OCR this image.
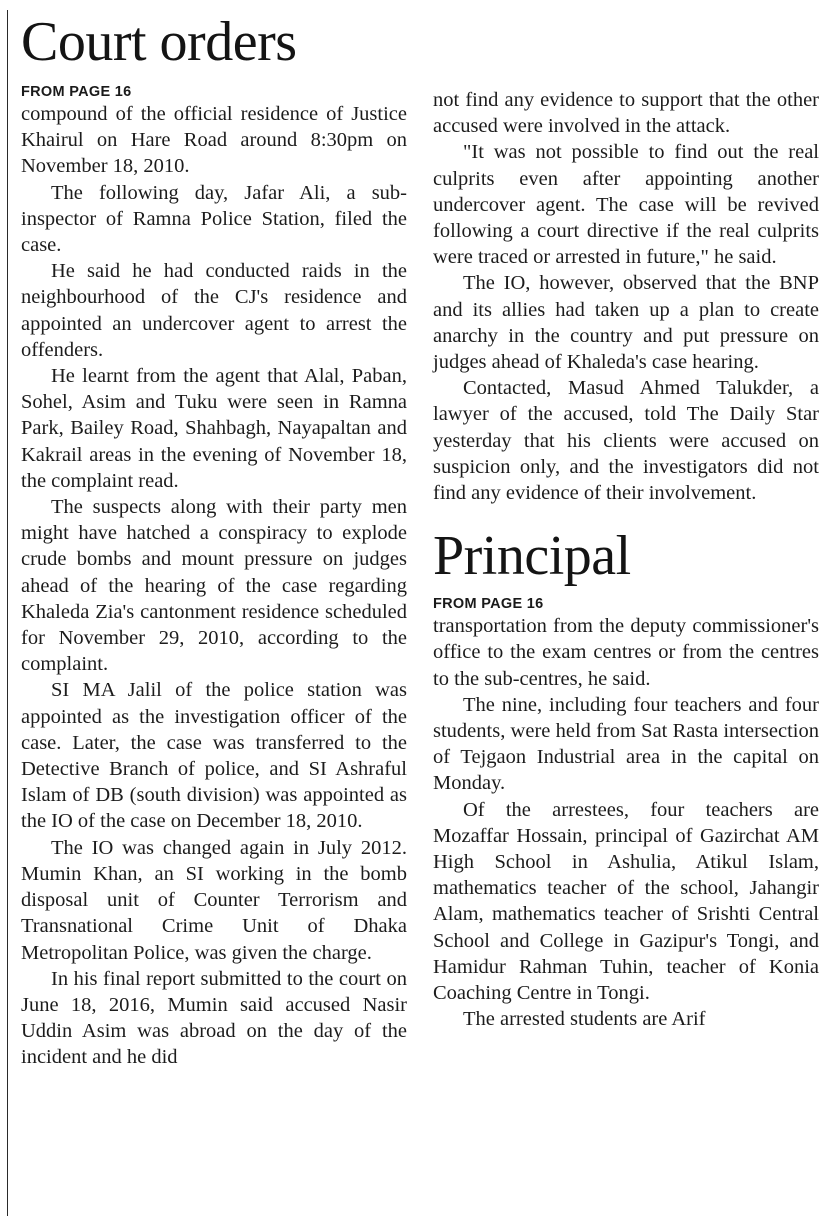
Court orders
FROM PAGE 16

compound of the official residence of Justice Khairul on Hare Road around 8:30pm on November 18, 2010.

The following day, Jafar Ali, a sub-inspector of Ramna Police Station, filed the case.

He said he had conducted raids in the neighbourhood of the CJ's residence and appointed an undercover agent to arrest the offenders.

He learnt from the agent that Alal, Paban, Sohel, Asim and Tuku were seen in Ramna Park, Bailey Road, Shahbagh, Nayapaltan and Kakrail areas in the evening of November 18, the complaint read.

The suspects along with their party men might have hatched a conspiracy to explode crude bombs and mount pressure on judges ahead of the hearing of the case regarding Khaleda Zia's cantonment residence scheduled for November 29, 2010, according to the complaint.

SI MA Jalil of the police station was appointed as the investigation officer of the case. Later, the case was transferred to the Detective Branch of police, and SI Ashraful Islam of DB (south division) was appointed as the IO of the case on December 18, 2010.

The IO was changed again in July 2012. Mumin Khan, an SI working in the bomb disposal unit of Counter Terrorism and Transnational Crime Unit of Dhaka Metropolitan Police, was given the charge.

In his final report submitted to the court on June 18, 2016, Mumin said accused Nasir Uddin Asim was abroad on the day of the incident and he did

not find any evidence to support that the other accused were involved in the attack.

"It was not possible to find out the real culprits even after appointing another undercover agent. The case will be revived following a court directive if the real culprits were traced or arrested in future," he said.

The IO, however, observed that the BNP and its allies had taken up a plan to create anarchy in the country and put pressure on judges ahead of Khaleda's case hearing.

Contacted, Masud Ahmed Talukder, a lawyer of the accused, told The Daily Star yesterday that his clients were accused on suspicion only, and the investigators did not find any evidence of their involvement.

Principal
FROM PAGE 16

transportation from the deputy commissioner's office to the exam centres or from the centres to the sub-centres, he said.

The nine, including four teachers and four students, were held from Sat Rasta intersection of Tejgaon Industrial area in the capital on Monday.

Of the arrestees, four teachers are Mozaffar Hossain, principal of Gazirchat AM High School in Ashulia, Atikul Islam, mathematics teacher of the school, Jahangir Alam, mathematics teacher of Srishti Central School and College in Gazipur's Tongi, and Hamidur Rahman Tuhin, teacher of Konia Coaching Centre in Tongi.

The arrested students are Arif
